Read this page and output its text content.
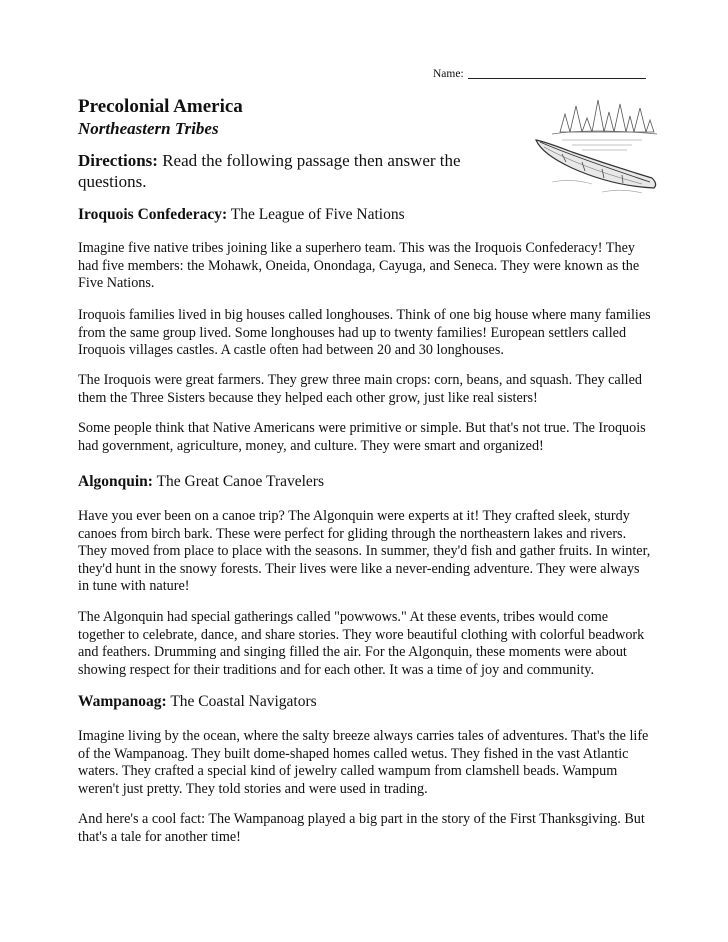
Name:
Precolonial America
Northeastern Tribes
Directions: Read the following passage then answer the questions.
Iroquois Confederacy: The League of Five Nations

Imagine five native tribes joining like a superhero team. This was the Iroquois Confederacy! They had five members: the Mohawk, Oneida, Onondaga, Cayuga, and Seneca. They were known as the Five Nations.

Iroquois families lived in big houses called longhouses. Think of one big house where many families from the same group lived. Some longhouses had up to twenty families! European settlers called Iroquois villages castles. A castle often had between 20 and 30 longhouses.

The Iroquois were great farmers. They grew three main crops: corn, beans, and squash. They called them the Three Sisters because they helped each other grow, just like real sisters!

Some people think that Native Americans were primitive or simple. But that's not true. The Iroquois had government, agriculture, money, and culture. They were smart and organized!

Algonquin: The Great Canoe Travelers

Have you ever been on a canoe trip? The Algonquin were experts at it! They crafted sleek, sturdy canoes from birch bark. These were perfect for gliding through the northeastern lakes and rivers. They moved from place to place with the seasons. In summer, they'd fish and gather fruits. In winter, they'd hunt in the snowy forests. Their lives were like a never-ending adventure. They were always in tune with nature!

The Algonquin had special gatherings called "powwows." At these events, tribes would come together to celebrate, dance, and share stories. They wore beautiful clothing with colorful beadwork and feathers. Drumming and singing filled the air. For the Algonquin, these moments were about showing respect for their traditions and for each other. It was a time of joy and community.

Wampanoag: The Coastal Navigators

Imagine living by the ocean, where the salty breeze always carries tales of adventures. That's the life of the Wampanoag. They built dome-shaped homes called wetus. They fished in the vast Atlantic waters. They crafted a special kind of jewelry called wampum from clamshell beads. Wampum weren't just pretty. They told stories and were used in trading.

And here's a cool fact: The Wampanoag played a big part in the story of the First Thanksgiving. But that's a tale for another time!
